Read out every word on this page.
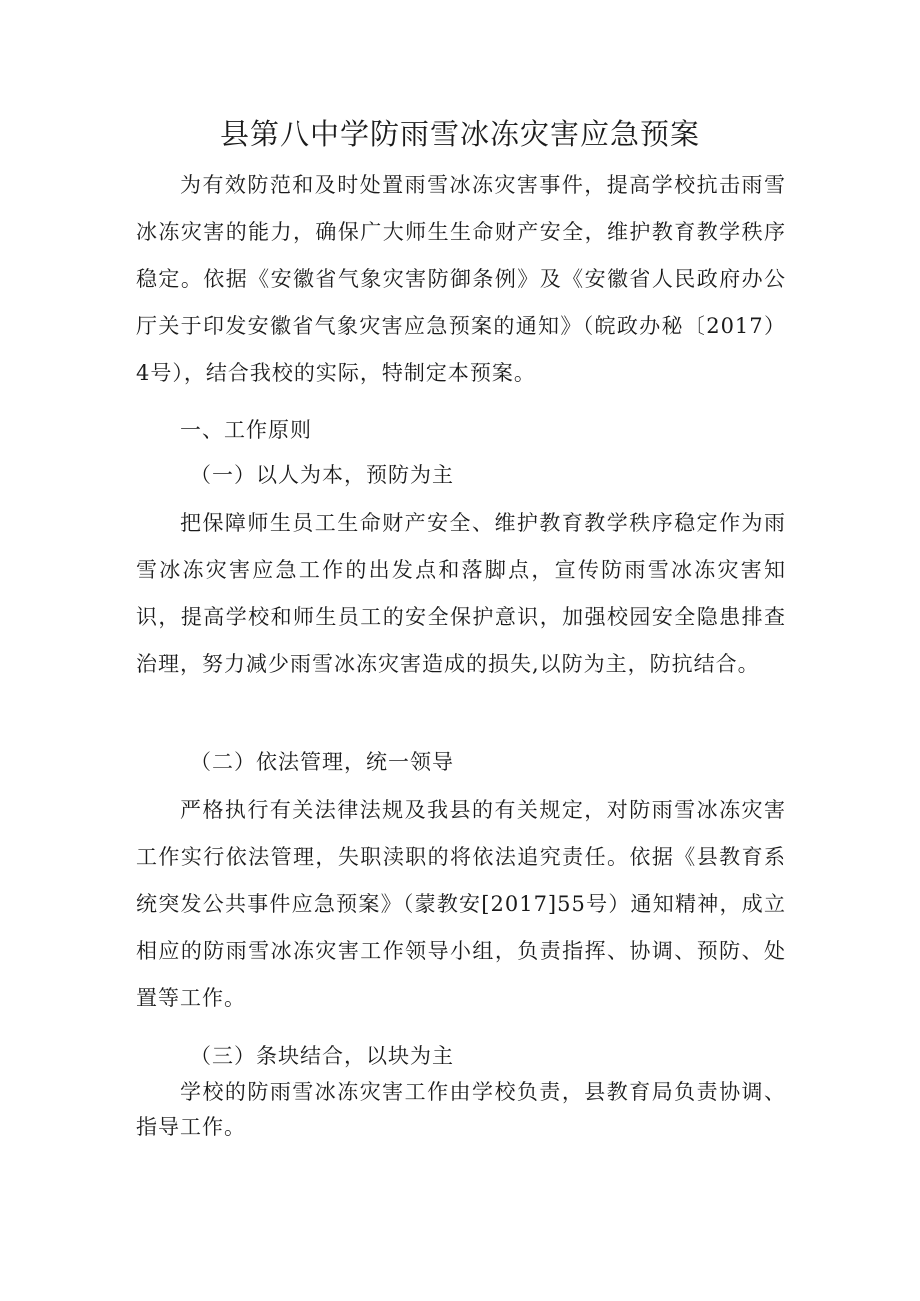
县第八中学防雨雪冰冻灾害应急预案

为有效防范和及时处置雨雪冰冻灾害事件，提高学校抗击雨雪冰冻灾害的能力，确保广大师生生命财产安全，维护教育教学秩序稳定。依据《安徽省气象灾害防御条例》及《安徽省人民政府办公厅关于印发安徽省气象灾害应急预案的通知》（皖政办秘〔2017）4号），结合我校的实际，特制定本预案。

一、工作原则
（一）以人为本，预防为主

把保障师生员工生命财产安全、维护教育教学秩序稳定作为雨雪冰冻灾害应急工作的出发点和落脚点，宣传防雨雪冰冻灾害知识，提高学校和师生员工的安全保护意识，加强校园安全隐患排查治理，努力减少雨雪冰冻灾害造成的损失,以防为主，防抗结合。

（二）依法管理，统一领导

严格执行有关法律法规及我县的有关规定，对防雨雪冰冻灾害工作实行依法管理，失职渎职的将依法追究责任。依据《县教育系统突发公共事件应急预案》（蒙教安[2017]55号）通知精神，成立相应的防雨雪冰冻灾害工作领导小组，负责指挥、协调、预防、处置等工作。

（三）条块结合，以块为主

学校的防雨雪冰冻灾害工作由学校负责，县教育局负责协调、指导工作。
